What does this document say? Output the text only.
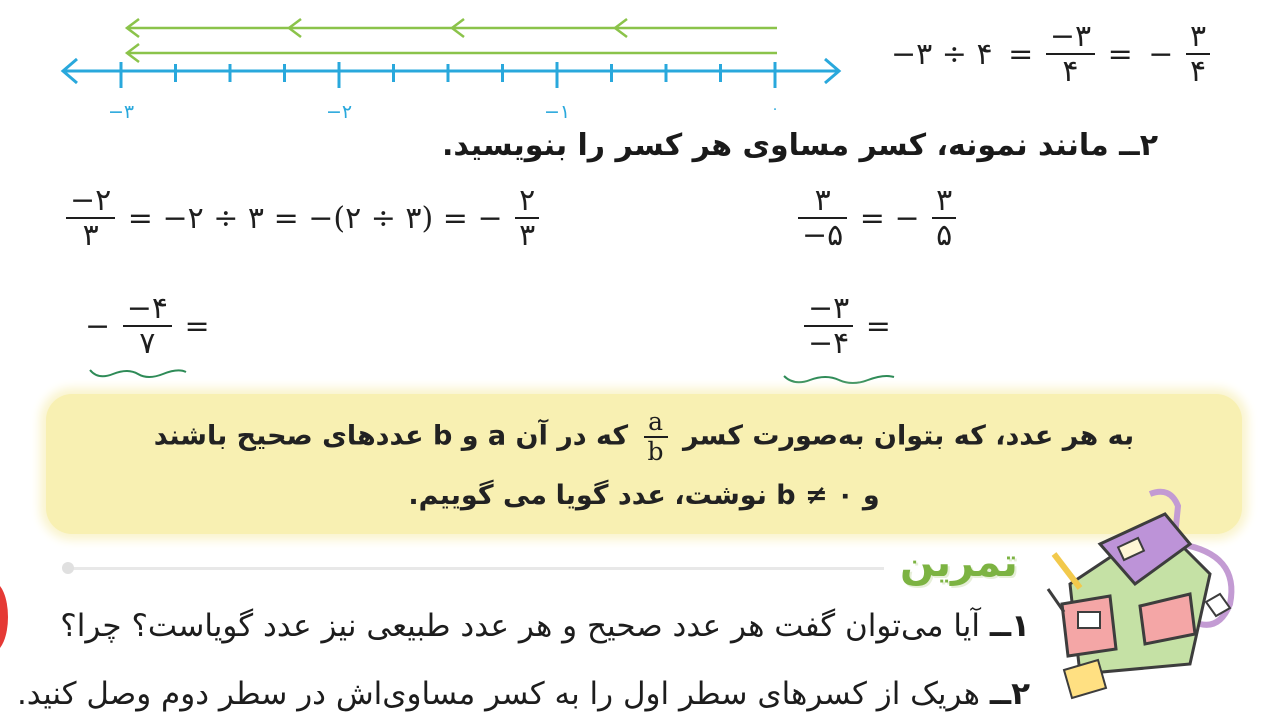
−۳	−۲	−۱	۰
−۳ ÷ ۴ = $\frac{-۳}{۴}$ = − $\frac{۳}{۴}$
۲ــ مانند نمونه، کسر مساوی هر کسر را بنویسید.
$\frac{-۲}{۳}$ = −۲ ÷ ۳ = −(۲ ÷ ۳) = − $\frac{۲}{۳}$	$\frac{۳}{-۵}$ = − $\frac{۳}{۵}$
− $\frac{-۴}{۷}$ =	$\frac{-۳}{-۴}$ =
به هر عدد، که بتوان به‌صورت کسر
$\frac{a}{b}$
که در آن a و b عددهای صحیح باشند
و ۰ ≠ b نوشت، عدد گویا می گوییم.
تمرین
۱ــ آیا می‌توان گفت هر عدد صحیح و هر عدد طبیعی نیز عدد گویاست؟ چرا؟
۲ــ هریک از کسرهای سطر اول را به کسر مساوی‌اش در سطر دوم وصل کنید.
